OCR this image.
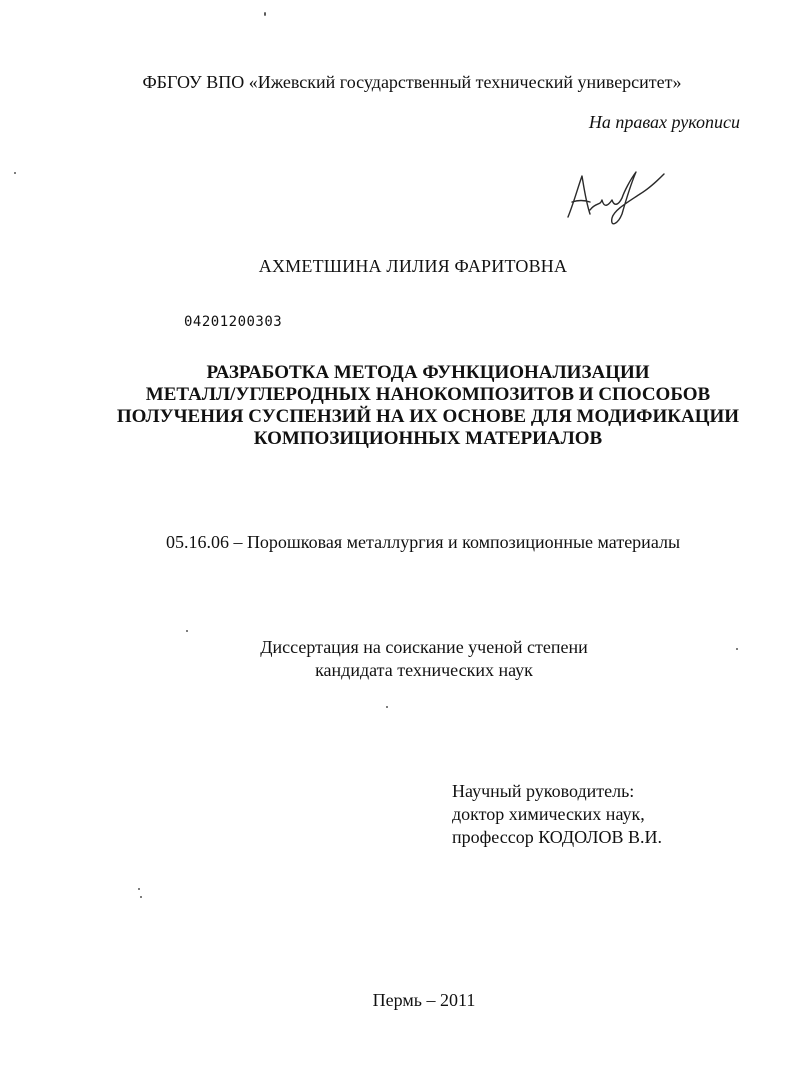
ФБГОУ ВПО «Ижевский государственный технический университет»
На правах рукописи
АХМЕТШИНА ЛИЛИЯ ФАРИТОВНА
04201200303
РАЗРАБОТКА МЕТОДА ФУНКЦИОНАЛИЗАЦИИ
МЕТАЛЛ/УГЛЕРОДНЫХ НАНОКОМПОЗИТОВ И СПОСОБОВ
ПОЛУЧЕНИЯ СУСПЕНЗИЙ НА ИХ ОСНОВЕ ДЛЯ МОДИФИКАЦИИ
КОМПОЗИЦИОННЫХ МАТЕРИАЛОВ
05.16.06 – Порошковая металлургия и композиционные материалы
Диссертация на соискание ученой степени
кандидата технических наук
Научный руководитель:
доктор химических наук,
профессор КОДОЛОВ В.И.
Пермь – 2011
